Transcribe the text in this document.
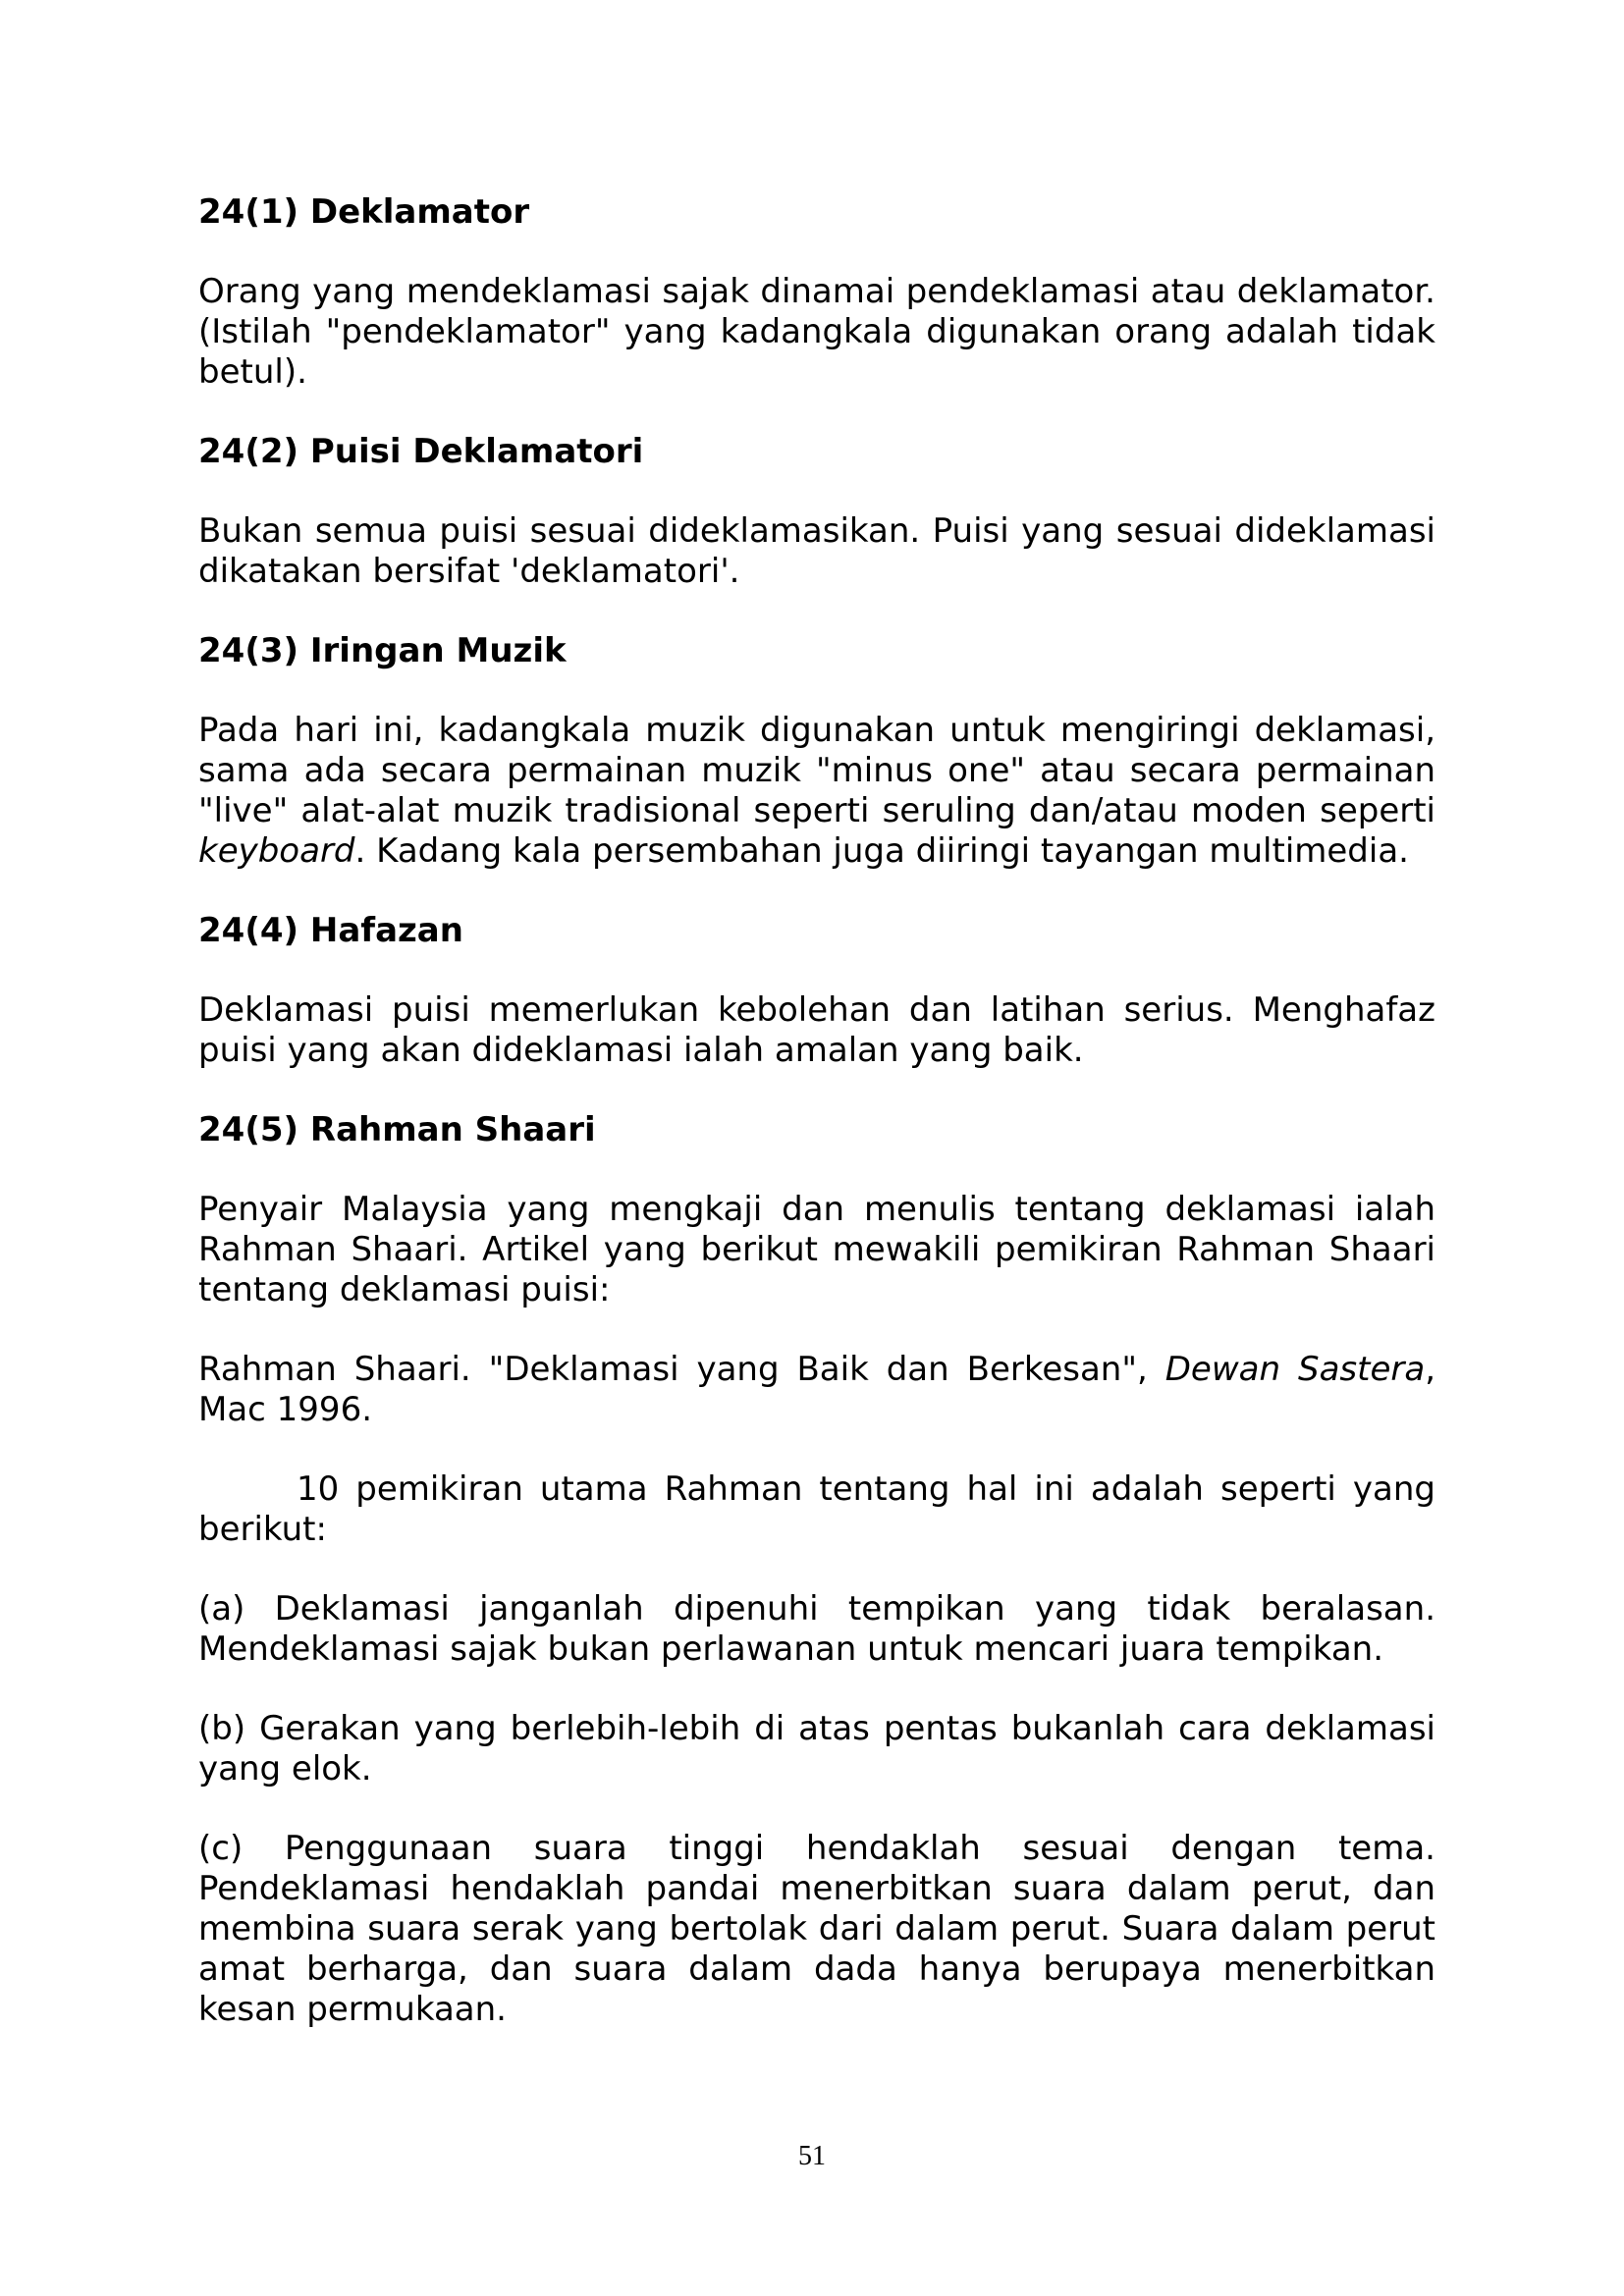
24(1) Deklamator
Orang yang mendeklamasi sajak dinamai pendeklamasi atau deklamator. (Istilah "pendeklamator" yang kadangkala digunakan orang adalah tidak betul).
24(2) Puisi Deklamatori
Bukan semua puisi sesuai dideklamasikan. Puisi yang sesuai dideklamasi dikatakan bersifat 'deklamatori'.
24(3) Iringan Muzik
Pada hari ini, kadangkala muzik digunakan untuk mengiringi deklamasi, sama ada secara permainan muzik "minus one" atau secara permainan "live" alat-alat muzik tradisional seperti seruling dan/atau moden seperti keyboard. Kadang kala persembahan juga diiringi tayangan multimedia.
24(4) Hafazan
Deklamasi puisi memerlukan kebolehan dan latihan serius. Menghafaz puisi yang akan dideklamasi ialah amalan yang baik.
24(5) Rahman Shaari
Penyair Malaysia yang mengkaji dan menulis tentang deklamasi ialah Rahman Shaari. Artikel yang berikut mewakili pemikiran Rahman Shaari tentang deklamasi puisi:
Rahman Shaari. "Deklamasi yang Baik dan Berkesan", Dewan Sastera, Mac 1996.
10 pemikiran utama Rahman tentang hal ini adalah seperti yang berikut:
(a) Deklamasi janganlah dipenuhi tempikan yang tidak beralasan. Mendeklamasi sajak bukan perlawanan untuk mencari juara tempikan.
(b) Gerakan yang berlebih-lebih di atas pentas bukanlah cara deklamasi yang elok.
(c) Penggunaan suara tinggi hendaklah sesuai dengan tema. Pendeklamasi hendaklah pandai menerbitkan suara dalam perut, dan membina suara serak yang bertolak dari dalam perut. Suara dalam perut amat berharga, dan suara dalam dada hanya berupaya menerbitkan kesan permukaan.
51
